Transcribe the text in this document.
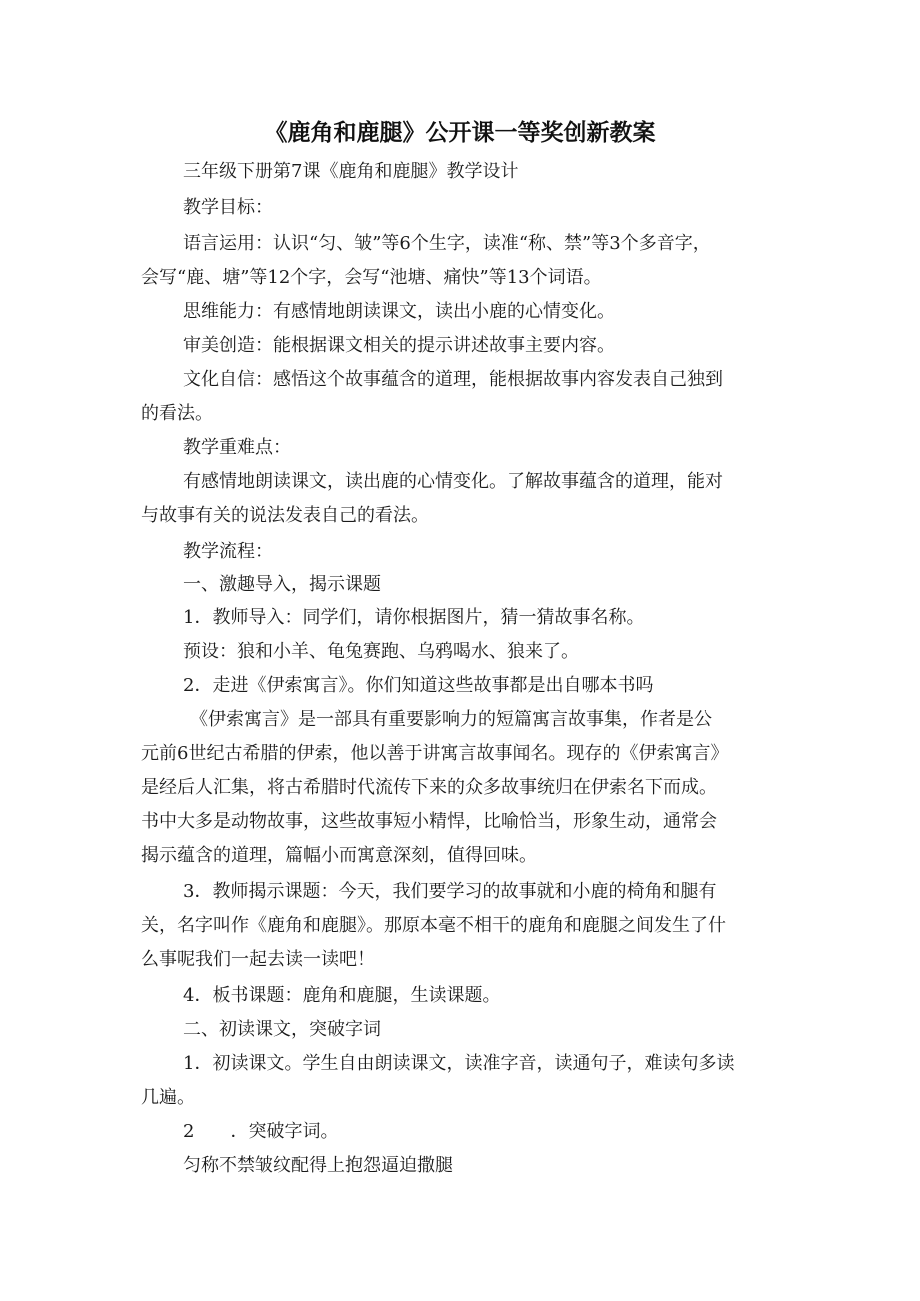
《鹿角和鹿腿》公开课一等奖创新教案
三年级下册第7课《鹿角和鹿腿》教学设计
教学目标：
语言运用：认识“匀、皱”等6个生字，读准“称、禁”等3个多音字，
会写“鹿、塘”等12个字，会写“池塘、痛快”等13个词语。
思维能力：有感情地朗读课文，读出小鹿的心情变化。
审美创造：能根据课文相关的提示讲述故事主要内容。
文化自信：感悟这个故事蕴含的道理，能根据故事内容发表自己独到
的看法。
教学重难点：
有感情地朗读课文，读出鹿的心情变化。了解故事蕴含的道理，能对
与故事有关的说法发表自己的看法。
教学流程：
一、激趣导入，揭示课题
1．教师导入：同学们，请你根据图片，猜一猜故事名称。
预设：狼和小羊、龟兔赛跑、乌鸦喝水、狼来了。
2．走进《伊索寓言》。你们知道这些故事都是出自哪本书吗
《伊索寓言》是一部具有重要影响力的短篇寓言故事集，作者是公
元前6世纪古希腊的伊索，他以善于讲寓言故事闻名。现存的《伊索寓言》
是经后人汇集，将古希腊时代流传下来的众多故事统归在伊索名下而成。
书中大多是动物故事，这些故事短小精悍，比喻恰当，形象生动，通常会
揭示蕴含的道理，篇幅小而寓意深刻，值得回味。
3．教师揭示课题：今天，我们要学习的故事就和小鹿的椅角和腿有
关，名字叫作《鹿角和鹿腿》。那原本毫不相干的鹿角和鹿腿之间发生了什
么事呢我们一起去读一读吧！
4．板书课题：鹿角和鹿腿，生读课题。
二、初读课文，突破字词
1．初读课文。学生自由朗读课文，读准字音，读通句子，难读句多读
几遍。
2　　．突破字词。
匀称不禁皱纹配得上抱怨逼迫撒腿
